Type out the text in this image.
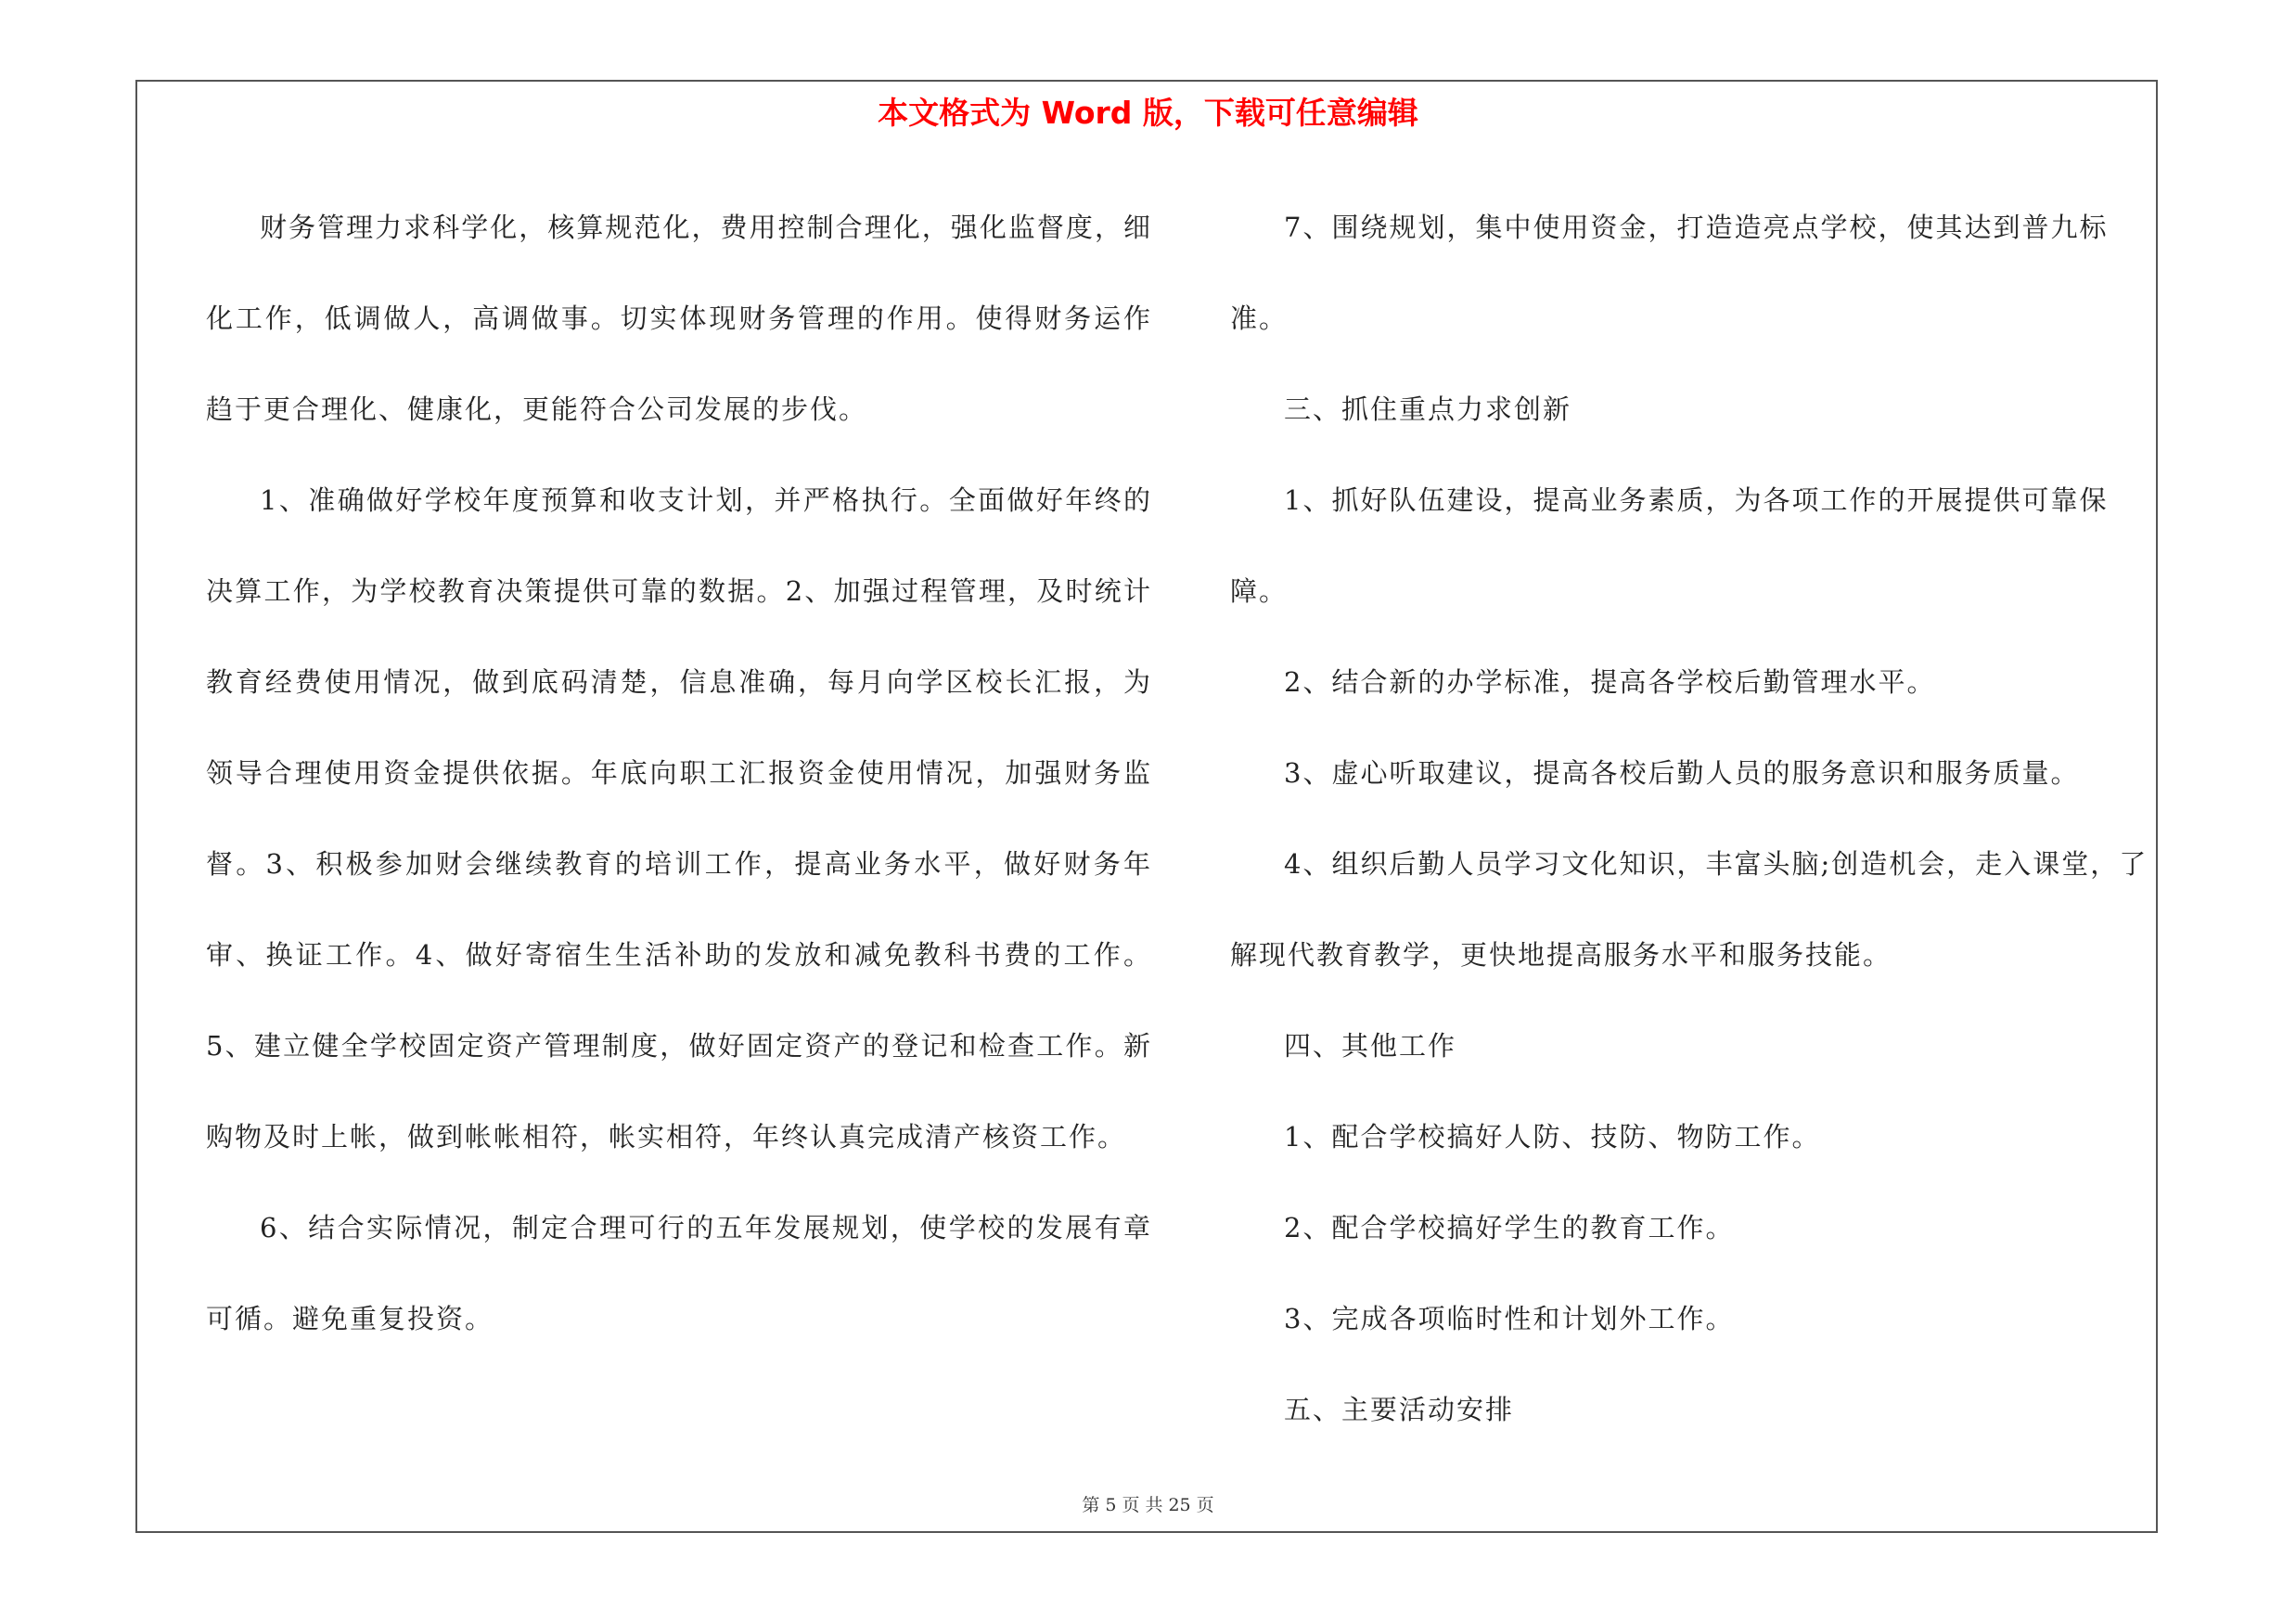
本文格式为 Word 版，下载可任意编辑

财务管理力求科学化，核算规范化，费用控制合理化，强化监督度，细化工作，低调做人，高调做事。切实体现财务管理的作用。使得财务运作趋于更合理化、健康化，更能符合公司发展的步伐。

1、准确做好学校年度预算和收支计划，并严格执行。全面做好年终的决算工作，为学校教育决策提供可靠的数据。2、加强过程管理，及时统计教育经费使用情况，做到底码清楚，信息准确，每月向学区校长汇报，为领导合理使用资金提供依据。年底向职工汇报资金使用情况，加强财务监督。3、积极参加财会继续教育的培训工作，提高业务水平，做好财务年审、换证工作。4、做好寄宿生生活补助的发放和减免教科书费的工作。5、建立健全学校固定资产管理制度，做好固定资产的登记和检查工作。新购物及时上帐，做到帐帐相符，帐实相符，年终认真完成清产核资工作。

6、结合实际情况，制定合理可行的五年发展规划，使学校的发展有章可循。避免重复投资。

7、围绕规划，集中使用资金，打造造亮点学校，使其达到普九标准。

三、抓住重点力求创新

1、抓好队伍建设，提高业务素质，为各项工作的开展提供可靠保障。

2、结合新的办学标准，提高各学校后勤管理水平。

3、虚心听取建议，提高各校后勤人员的服务意识和服务质量。

4、组织后勤人员学习文化知识，丰富头脑;创造机会，走入课堂，了解现代教育教学，更快地提高服务水平和服务技能。

四、其他工作

1、配合学校搞好人防、技防、物防工作。

2、配合学校搞好学生的教育工作。

3、完成各项临时性和计划外工作。

五、主要活动安排

第 5 页 共 25 页
